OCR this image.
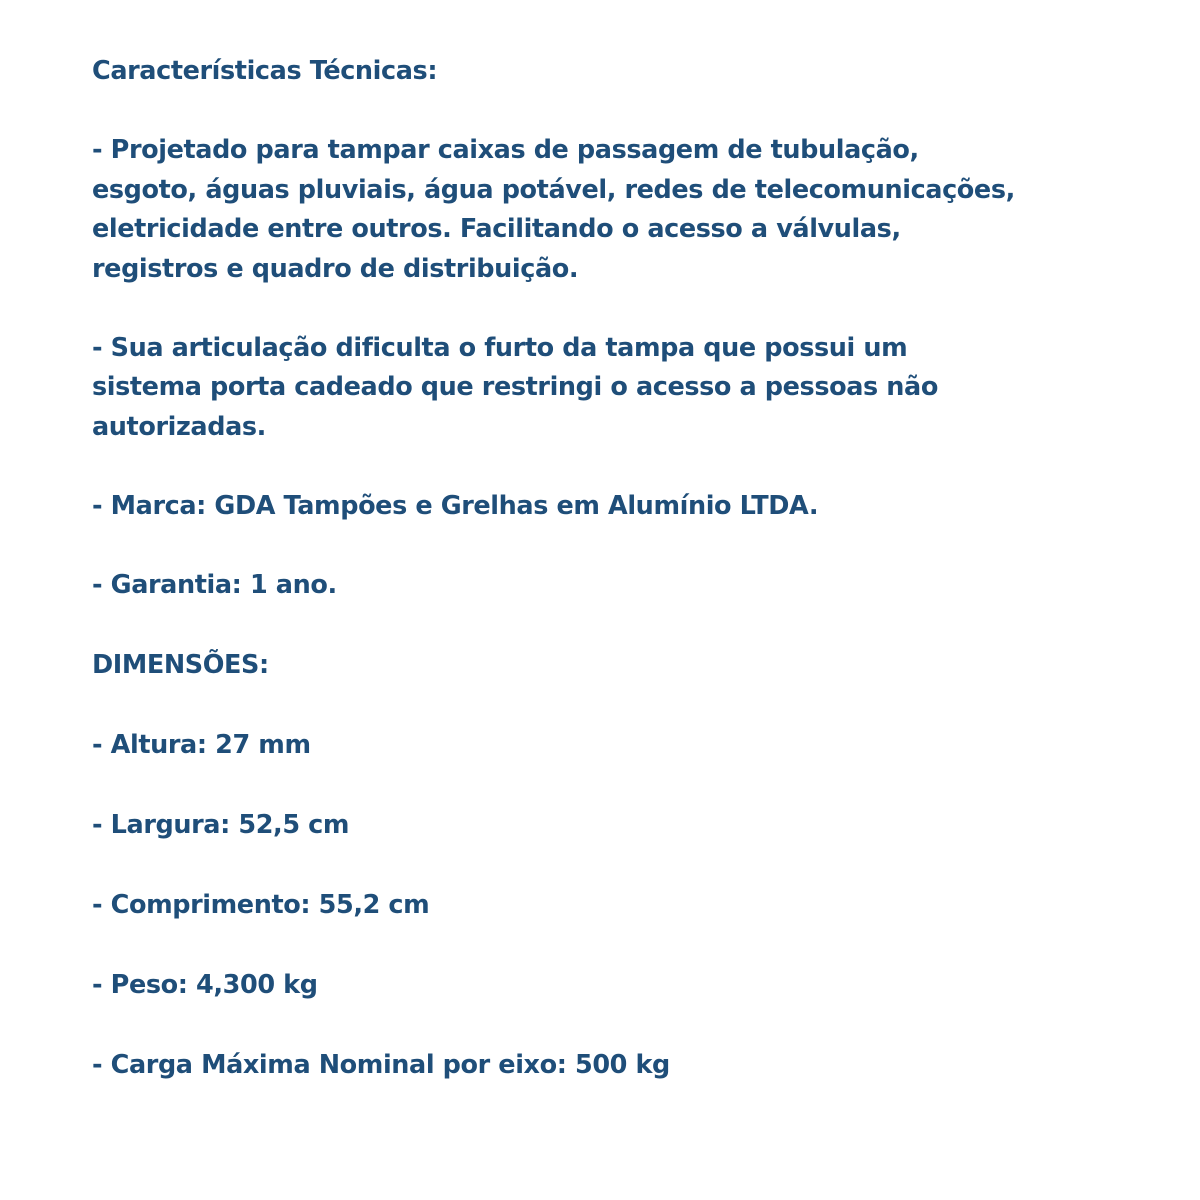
Características Técnicas:

- Projetado para tampar caixas de passagem de tubulação,

esgoto, águas pluviais, água potável, redes de telecomunicações,

eletricidade entre outros. Facilitando o acesso a válvulas,

registros e quadro de distribuição.

- Sua articulação dificulta o furto da tampa que possui um

sistema porta cadeado que restringi o acesso a pessoas não

autorizadas.

- Marca: GDA Tampões e Grelhas em Alumínio LTDA.

- Garantia: 1 ano.

DIMENSÕES:

- Altura: 27 mm

- Largura: 52,5 cm

- Comprimento: 55,2 cm

- Peso: 4,300 kg

- Carga Máxima Nominal por eixo: 500 kg
